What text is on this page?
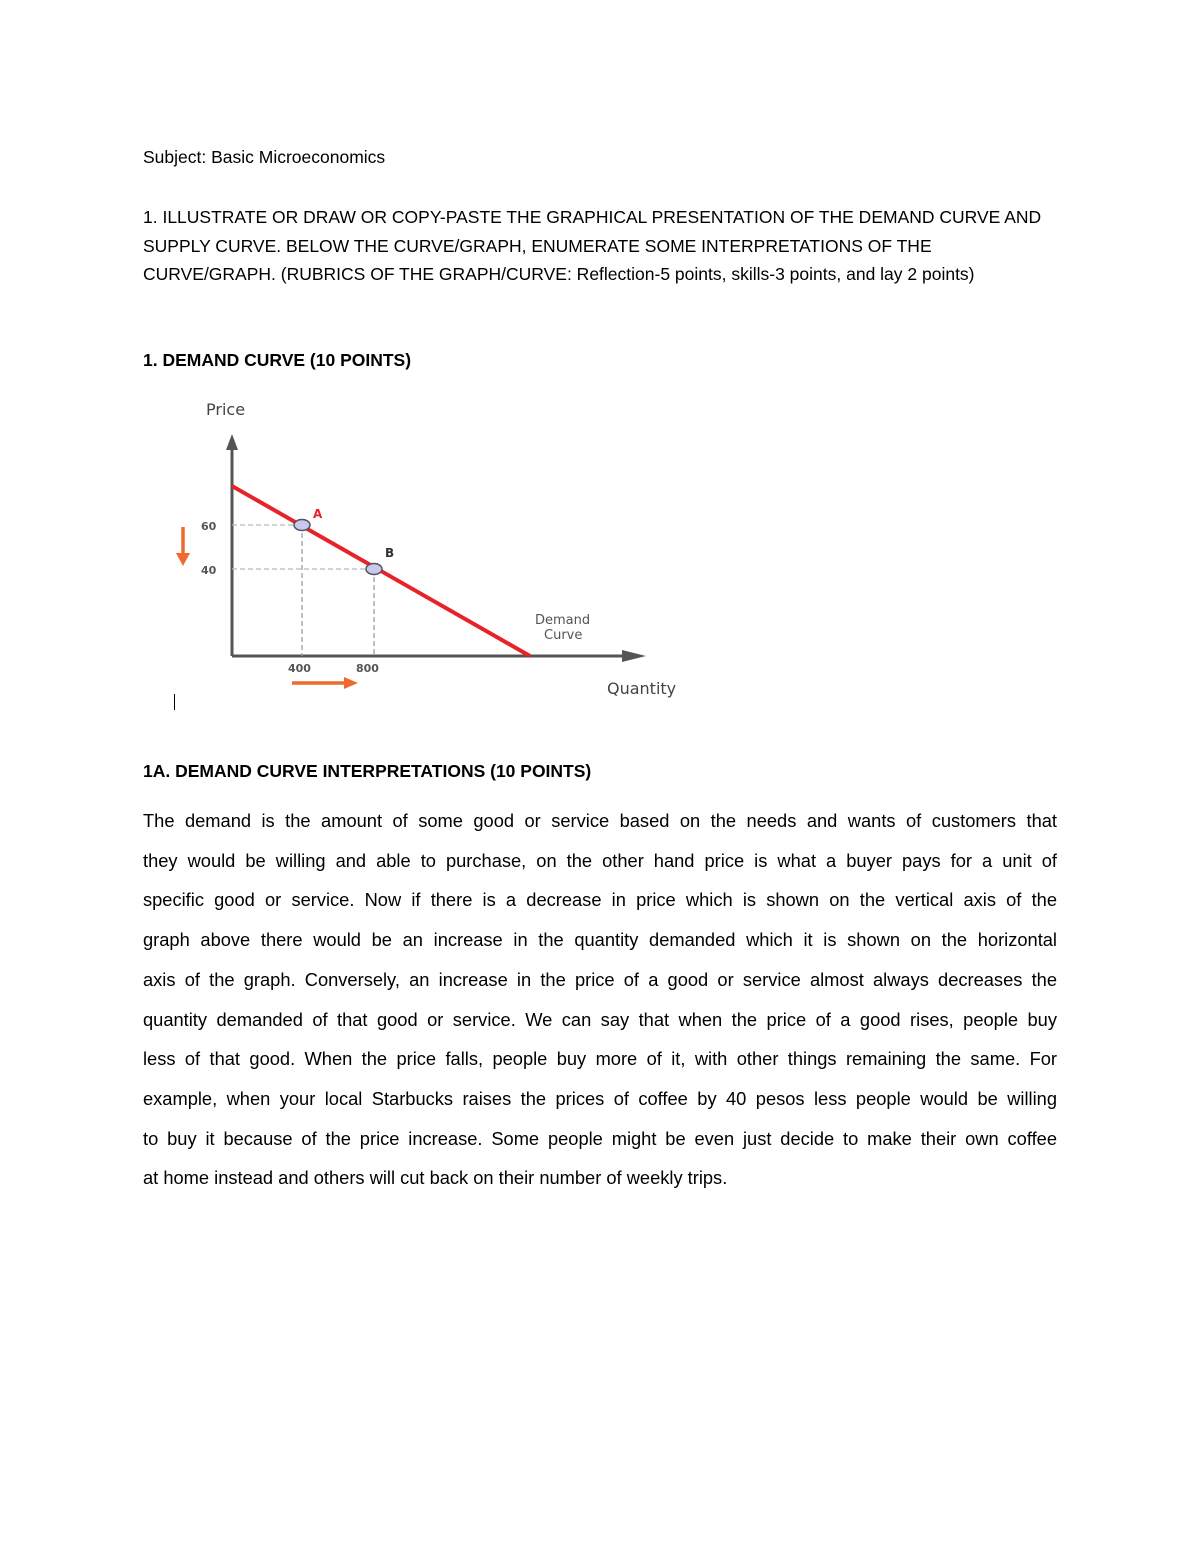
Subject: Basic Microeconomics
1. ILLUSTRATE OR DRAW OR COPY-PASTE THE GRAPHICAL PRESENTATION OF THE DEMAND CURVE AND
SUPPLY CURVE. BELOW THE CURVE/GRAPH, ENUMERATE SOME INTERPRETATIONS OF THE
CURVE/GRAPH. (RUBRICS OF THE GRAPH/CURVE: Reflection-5 points, skills-3 points, and lay 2 points)
1. DEMAND CURVE (10 POINTS)
Price
A
B
60
40
400	800
Demand
Curve
Quantity
1A. DEMAND CURVE INTERPRETATIONS (10 POINTS)
The demand is the amount of some good or service based on the needs and wants of customers that
they would be willing and able to purchase, on the other hand price is what a buyer pays for a unit of
specific good or service. Now if there is a decrease in price which is shown on the vertical axis of the
graph above there would be an increase in the quantity demanded which it is shown on the horizontal
axis of the graph. Conversely, an increase in the price of a good or service almost always decreases the
quantity demanded of that good or service. We can say that when the price of a good rises, people buy
less of that good. When the price falls, people buy more of it, with other things remaining the same. For
example, when your local Starbucks raises the prices of coffee by 40 pesos less people would be willing
to buy it because of the price increase. Some people might be even just decide to make their own coffee
at home instead and others will cut back on their number of weekly trips.
